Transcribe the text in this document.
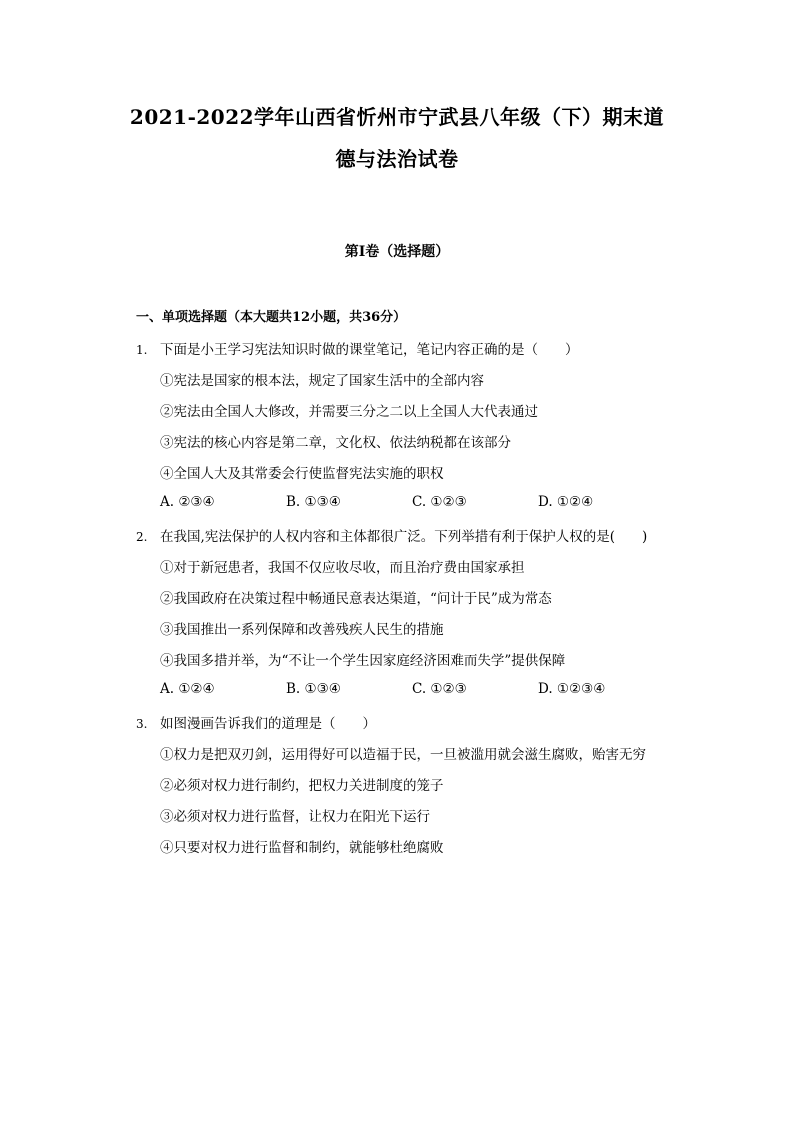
2021-2022学年山西省忻州市宁武县八年级（下）期末道
德与法治试卷
第I卷（选择题）
一、单项选择题（本大题共12小题，共36分）
1. 下面是小王学习宪法知识时做的课堂笔记，笔记内容正确的是（　　）
①宪法是国家的根本法，规定了国家生活中的全部内容
②宪法由全国人大修改，并需要三分之二以上全国人大代表通过
③宪法的核心内容是第二章，文化权、依法纳税都在该部分
④全国人大及其常委会行使监督宪法实施的职权
A. ②③④	B. ①③④	C. ①②③	D. ①②④
2. 在我国,宪法保护的人权内容和主体都很广泛。下列举措有利于保护人权的是(　　)
①对于新冠患者，我国不仅应收尽收，而且治疗费由国家承担
②我国政府在决策过程中畅通民意表达渠道，“问计于民”成为常态
③我国推出一系列保障和改善残疾人民生的措施
④我国多措并举，为“不让一个学生因家庭经济困难而失学”提供保障
A. ①②④	B. ①③④	C. ①②③	D. ①②③④
3. 如图漫画告诉我们的道理是（　　）
①权力是把双刃剑，运用得好可以造福于民，一旦被滥用就会滋生腐败，贻害无穷
②必须对权力进行制约，把权力关进制度的笼子
③必须对权力进行监督，让权力在阳光下运行
④只要对权力进行监督和制约，就能够杜绝腐败
